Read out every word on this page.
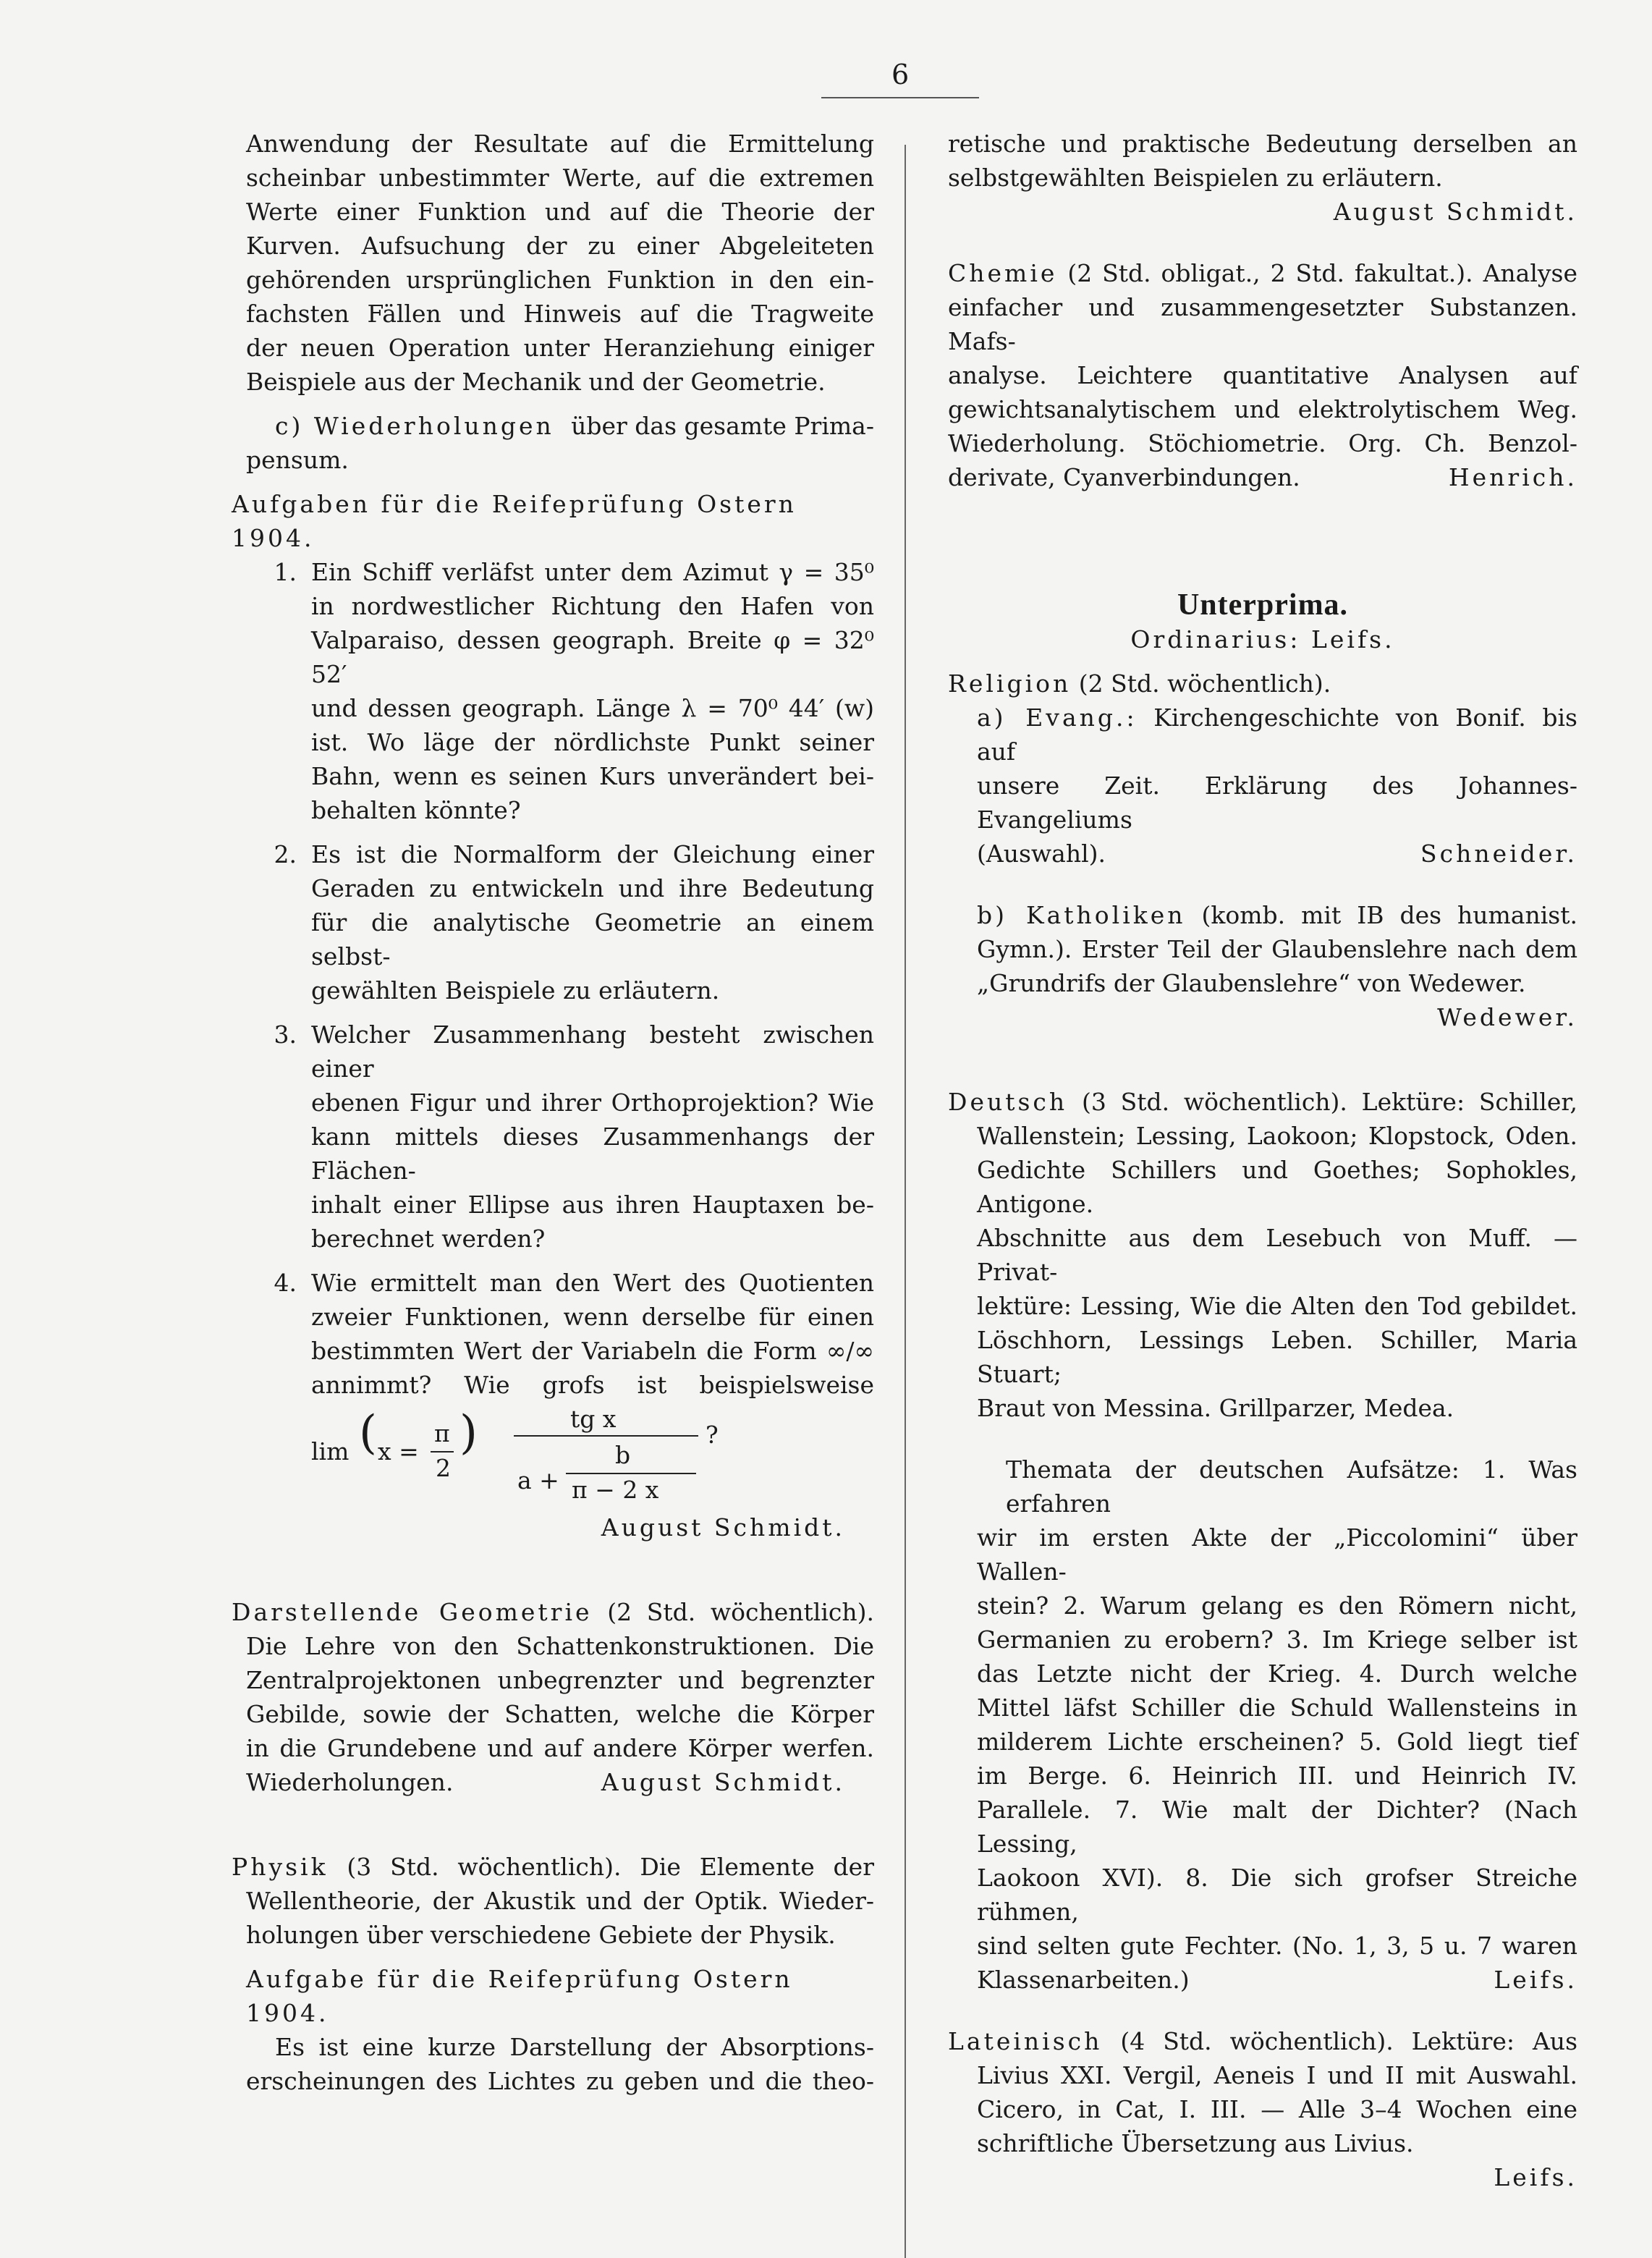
6

Anwendung der Resultate auf die Ermittelung

scheinbar unbestimmter Werte, auf die extremen

Werte einer Funktion und auf die Theorie der

Kurven. Aufsuchung der zu einer Abgeleiteten

gehörenden ursprünglichen Funktion in den ein-

fachsten Fällen und Hinweis auf die Tragweite

der neuen Operation unter Heranziehung einiger

Beispiele aus der Mechanik und der Geometrie.

c) Wiederholungen über das gesamte Prima-

pensum.

Aufgaben für die Reifeprüfung Ostern 1904.

1. Ein Schiff verläfst unter dem Azimut γ = 35⁰

in nordwestlicher Richtung den Hafen von

Valparaiso, dessen geograph. Breite φ = 32⁰ 52′

und dessen geograph. Länge λ = 70⁰ 44′ (w)

ist. Wo läge der nördlichste Punkt seiner

Bahn, wenn es seinen Kurs unverändert bei-

behalten könnte?

2. Es ist die Normalform der Gleichung einer

Geraden zu entwickeln und ihre Bedeutung

für die analytische Geometrie an einem selbst-

gewählten Beispiele zu erläutern.

3. Welcher Zusammenhang besteht zwischen einer

ebenen Figur und ihrer Orthoprojektion? Wie

kann mittels dieses Zusammenhangs der Flächen-

inhalt einer Ellipse aus ihren Hauptaxen be-

berechnet werden?

4. Wie ermittelt man den Wert des Quotienten

zweier Funktionen, wenn derselbe für einen

bestimmten Wert der Variabeln die Form ∞/∞

annimmt? Wie grofs ist beispielsweise

lim ( x =
π
2
)	tg x
?
a +
b
π − 2 x

August Schmidt.

Darstellende Geometrie (2 Std. wöchentlich).

Die Lehre von den Schattenkonstruktionen. Die

Zentralprojektonen unbegrenzter und begrenzter

Gebilde, sowie der Schatten, welche die Körper

in die Grundebene und auf andere Körper werfen.

Wiederholungen.	August Schmidt.

Physik (3 Std. wöchentlich). Die Elemente der

Wellentheorie, der Akustik und der Optik. Wieder-

holungen über verschiedene Gebiete der Physik.

Aufgabe für die Reifeprüfung Ostern 1904.

Es ist eine kurze Darstellung der Absorptions-

erscheinungen des Lichtes zu geben und die theo-

retische und praktische Bedeutung derselben an

selbstgewählten Beispielen zu erläutern.

August Schmidt.

Chemie (2 Std. obligat., 2 Std. fakultat.). Analyse

einfacher und zusammengesetzter Substanzen. Mafs-

analyse. Leichtere quantitative Analysen auf

gewichtsanalytischem und elektrolytischem Weg.

Wiederholung. Stöchiometrie. Org. Ch. Benzol-

derivate, Cyanverbindungen.	Henrich.

Unterprima.

Ordinarius: Leifs.

Religion (2 Std. wöchentlich).

a) Evang.: Kirchengeschichte von Bonif. bis auf

unsere Zeit. Erklärung des Johannes-Evangeliums

(Auswahl).	Schneider.

b) Katholiken (komb. mit IB des humanist.

Gymn.). Erster Teil der Glaubenslehre nach dem

„Grundrifs der Glaubenslehre“ von Wedewer.

Wedewer.

Deutsch (3 Std. wöchentlich). Lektüre: Schiller,

Wallenstein; Lessing, Laokoon; Klopstock, Oden.

Gedichte Schillers und Goethes; Sophokles, Antigone.

Abschnitte aus dem Lesebuch von Muff. — Privat-

lektüre: Lessing, Wie die Alten den Tod gebildet.

Löschhorn, Lessings Leben. Schiller, Maria Stuart;

Braut von Messina. Grillparzer, Medea.

Themata der deutschen Aufsätze: 1. Was erfahren

wir im ersten Akte der „Piccolomini“ über Wallen-

stein? 2. Warum gelang es den Römern nicht,

Germanien zu erobern? 3. Im Kriege selber ist

das Letzte nicht der Krieg. 4. Durch welche

Mittel läfst Schiller die Schuld Wallensteins in

milderem Lichte erscheinen? 5. Gold liegt tief

im Berge. 6. Heinrich III. und Heinrich IV.

Parallele. 7. Wie malt der Dichter? (Nach Lessing,

Laokoon XVI). 8. Die sich grofser Streiche rühmen,

sind selten gute Fechter. (No. 1, 3, 5 u. 7 waren

Klassenarbeiten.)	Leifs.

Lateinisch (4 Std. wöchentlich). Lektüre: Aus

Livius XXI. Vergil, Aeneis I und II mit Auswahl.

Cicero, in Cat, I. III. — Alle 3–4 Wochen eine

schriftliche Übersetzung aus Livius.

Leifs.
